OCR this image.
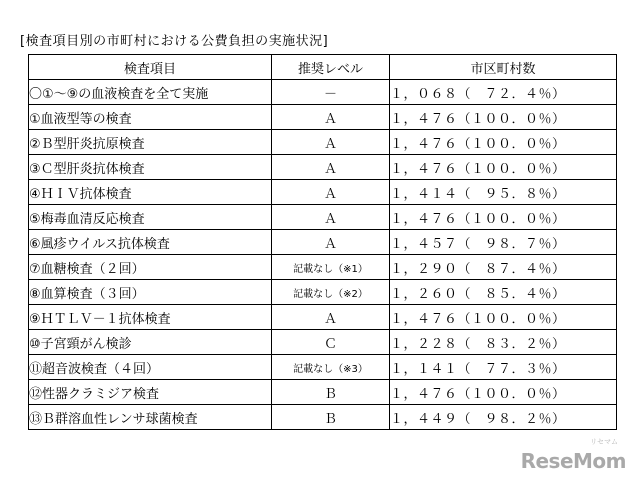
[検査項目別の市町村における公費負担の実施状況]
検査項目	推奨レベル	市区町村数
〇①～⑨の血液検査を全て実施	－	１，０６８（　７２．４％）
①血液型等の検査	Ａ	１，４７６（１００．０％）
②Ｂ型肝炎抗原検査	Ａ	１，４７６（１００．０％）
③Ｃ型肝炎抗体検査	Ａ	１，４７６（１００．０％）
④ＨＩＶ抗体検査	Ａ	１，４１４（　９５．８％）
⑤梅毒血清反応検査	Ａ	１，４７６（１００．０％）
⑥風疹ウイルス抗体検査	Ａ	１，４５７（　９８．７％）
⑦血糖検査（２回）	記載なし（※1）	１，２９０（　８７．４％）
⑧血算検査（３回）	記載なし（※2）	１，２６０（　８５．４％）
⑨ＨＴＬＶ－１抗体検査	Ａ	１，４７６（１００．０％）
⑩子宮頸がん検診	Ｃ	１，２２８（　８３．２％）
⑪超音波検査（４回）	記載なし（※3）	１，１４１（　７７．３％）
⑫性器クラミジア検査	Ｂ	１，４７６（１００．０％）
⑬Ｂ群溶血性レンサ球菌検査	Ｂ	１，４４９（　９８．２％）
リセマム
ReseMom
